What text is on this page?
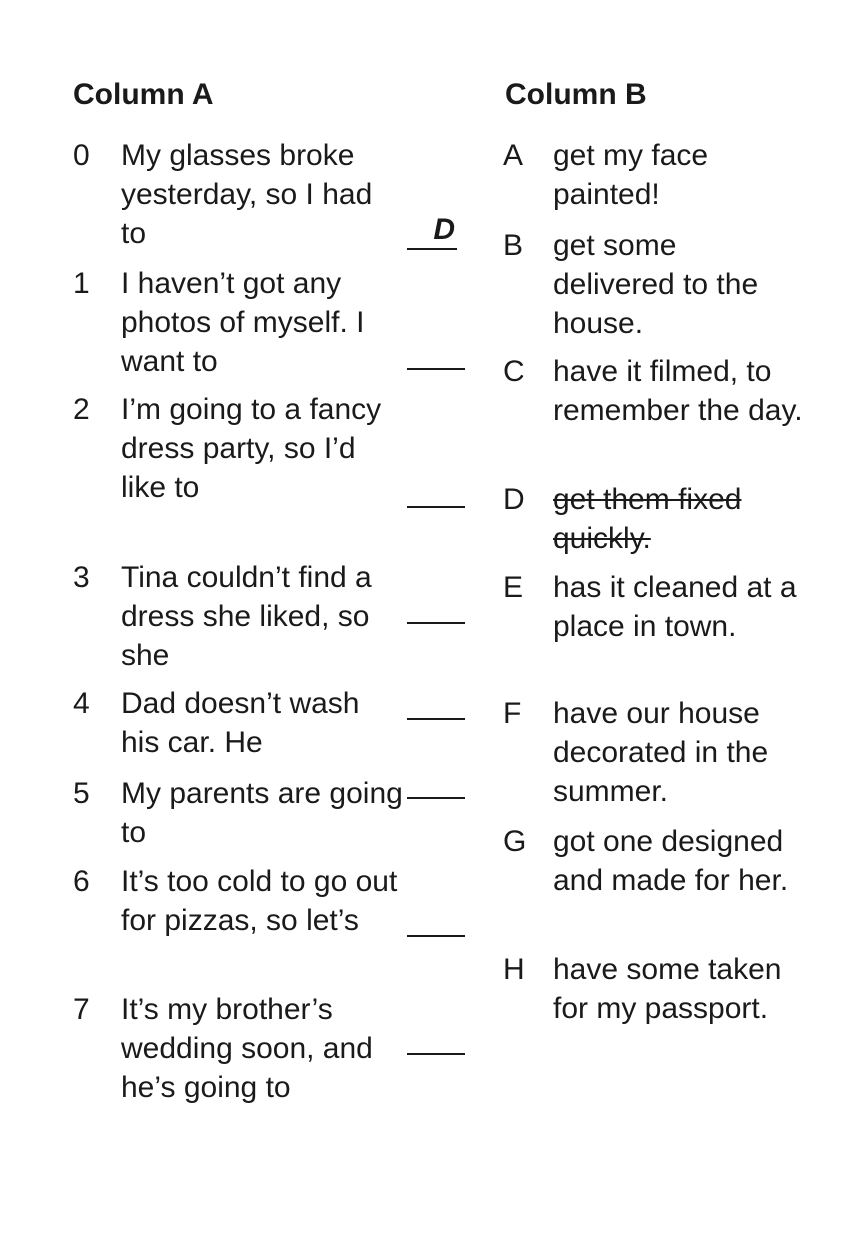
Column A	Column B
0 My glasses broke yesterday, so I had to	D
1 I haven’t got any photos of myself. I want to
2 I’m going to a fancy dress party, so I’d like to
3 Tina couldn’t find a dress she liked, so she
4 Dad doesn’t wash his car. He
5 My parents are going to
6 It’s too cold to go out for pizzas, so let’s
7 It’s my brother’s wedding soon, and he’s going to
A get my face painted!
B get some delivered to the house.
C have it filmed, to remember the day.
D get them fixed quickly.
E has it cleaned at a place in town.
F have our house decorated in the summer.
G got one designed and made for her.
H have some taken for my passport.
